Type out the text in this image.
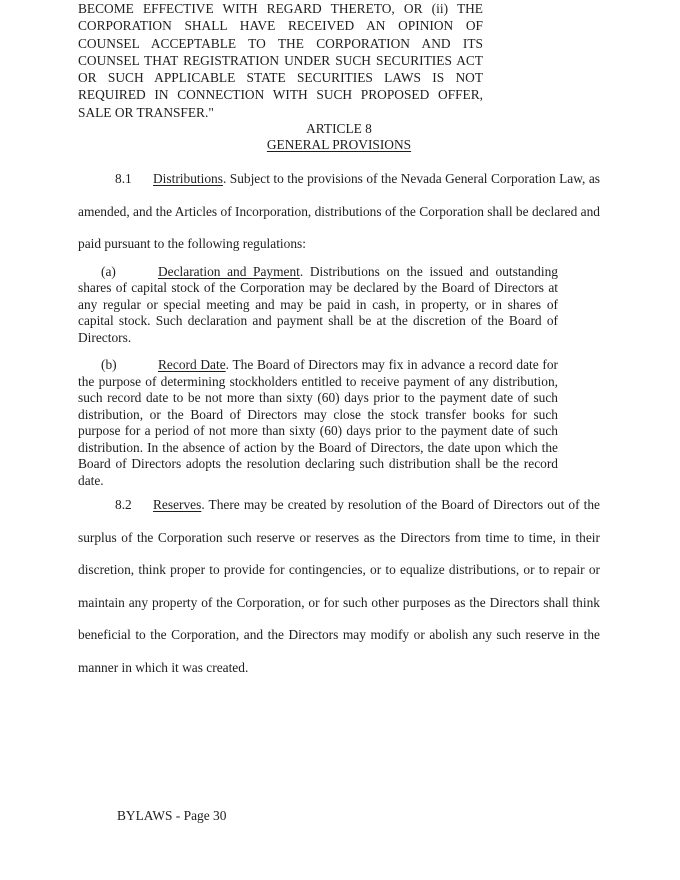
BECOME EFFECTIVE WITH REGARD THERETO, OR (ii) THE CORPORATION SHALL HAVE RECEIVED AN OPINION OF COUNSEL ACCEPTABLE TO THE CORPORATION AND ITS COUNSEL THAT REGISTRATION UNDER SUCH SECURITIES ACT OR SUCH APPLICABLE STATE SECURITIES LAWS IS NOT REQUIRED IN CONNECTION WITH SUCH PROPOSED OFFER, SALE OR TRANSFER."

ARTICLE 8

GENERAL PROVISIONS

8.1 Distributions. Subject to the provisions of the Nevada General Corporation Law, as amended, and the Articles of Incorporation, distributions of the Corporation shall be declared and paid pursuant to the following regulations:

(a)	Declaration and Payment. Distributions on the issued and outstanding shares of capital stock of the Corporation may be declared by the Board of Directors at any regular or special meeting and may be paid in cash, in property, or in shares of capital stock. Such declaration and payment shall be at the discretion of the Board of Directors.

(b)	Record Date. The Board of Directors may fix in advance a record date for the purpose of determining stockholders entitled to receive payment of any distribution, such record date to be not more than sixty (60) days prior to the payment date of such distribution, or the Board of Directors may close the stock transfer books for such purpose for a period of not more than sixty (60) days prior to the payment date of such distribution. In the absence of action by the Board of Directors, the date upon which the Board of Directors adopts the resolution declaring such distribution shall be the record date.

8.2 Reserves. There may be created by resolution of the Board of Directors out of the surplus of the Corporation such reserve or reserves as the Directors from time to time, in their discretion, think proper to provide for contingencies, or to equalize distributions, or to repair or maintain any property of the Corporation, or for such other purposes as the Directors shall think beneficial to the Corporation, and the Directors may modify or abolish any such reserve in the manner in which it was created.

BYLAWS - Page 30
